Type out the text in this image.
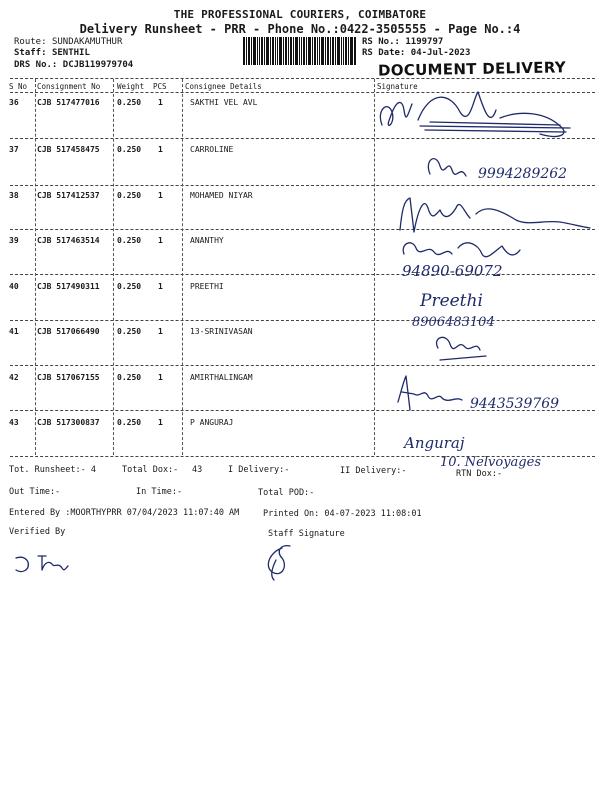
THE PROFESSIONAL COURIERS, COIMBATORE
Delivery Runsheet - PRR - Phone No.:0422-3505555 - Page No.:4
Route: SUNDAKAMUTHUR
Staff: SENTHIL
DRS No.: DCJB119979704
RS No.: 1199797
RS Date: 04-Jul-2023
DOCUMENT DELIVERY
S No Consignment No Weight PCS Consignee Details	Signature
36 CJB 517477016 0.250 1	SAKTHI VEL AVL
37 CJB 517458475 0.250 1	CARROLINE
38 CJB 517412537 0.250 1	MOHAMED NIYAR
39 CJB 517463514 0.250 1	ANANTHY
40 CJB 517490311 0.250 1	PREETHI
41 CJB 517066490 0.250 1	13-SRINIVASAN
42 CJB 517067155 0.250 1	AMIRTHALINGAM
43 CJB 517300837 0.250 1	P ANGURAJ
Tot. Runsheet:- 4	Total Dox:- 43	I Delivery:-	II Delivery:-	RTN Dox:-
Out Time:-	In Time:-	Total POD:-
Entered By :MOORTHYPRR 07/04/2023 11:07:40 AM	Printed On: 04-07-2023 11:08:01
Verified By	Staff Signature
9994289262
94890-69072
Preethi
8906483104
9443539769
Anguraj
10. Nelvoyages
